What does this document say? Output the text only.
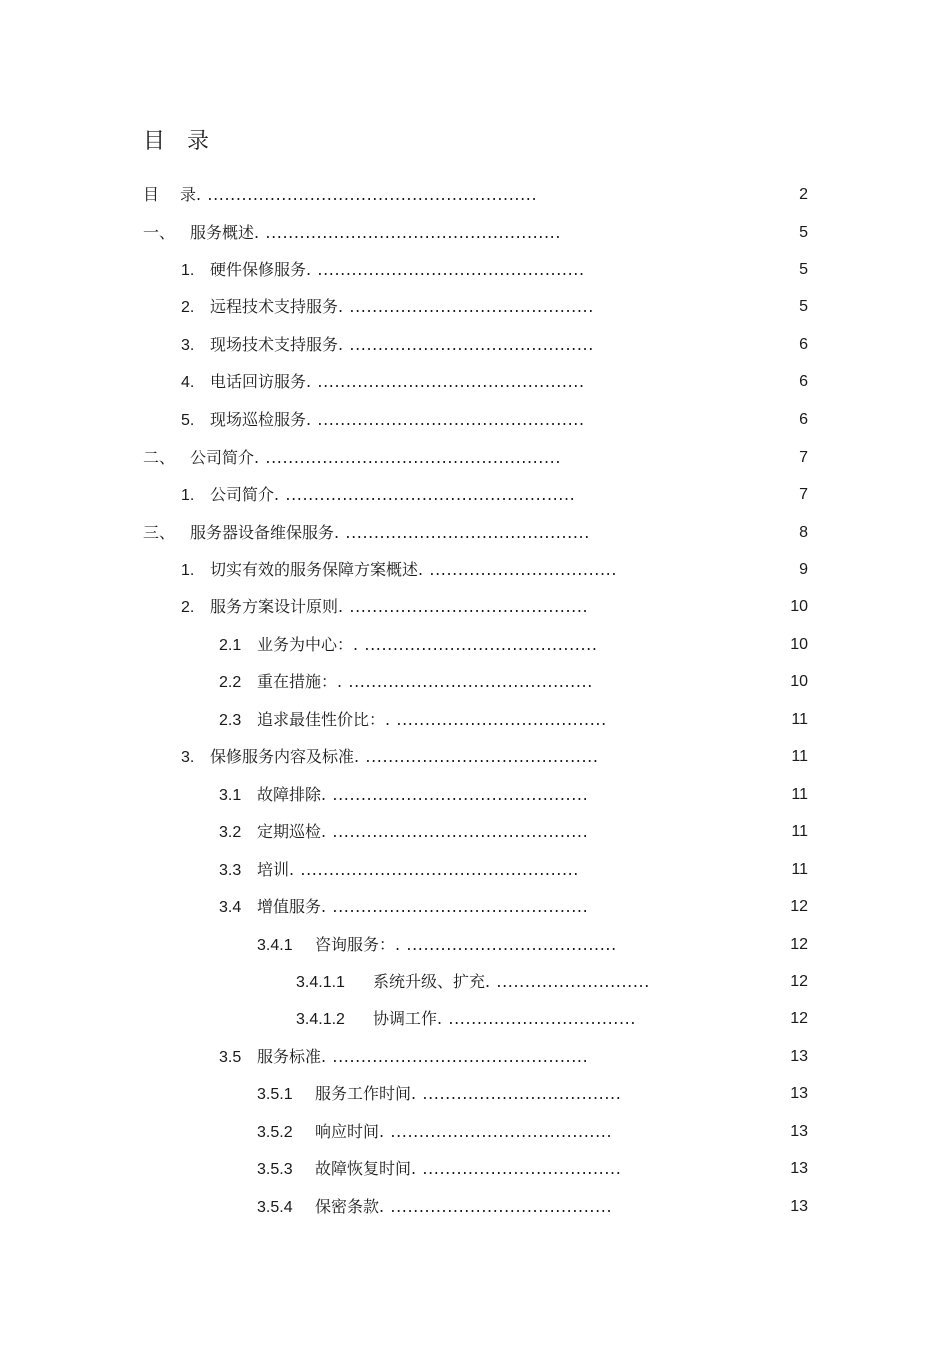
目 录
目 录. ..........................................................	2
一、 服务概述. ....................................................	5
1. 硬件保修服务. ...............................................	5
2. 远程技术支持服务. ...........................................	5
3. 现场技术支持服务. ...........................................	6
4. 电话回访服务. ...............................................	6
5. 现场巡检服务. ...............................................	6
二、 公司简介. ....................................................	7
1. 公司简介. ...................................................	7
三、 服务器设备维保服务. ...........................................	8
1. 切实有效的服务保障方案概述. .................................	9
2. 服务方案设计原则. ..........................................	10
2.1 业务为中心：. .........................................	10
2.2 重在措施：. ...........................................	10
2.3 追求最佳性价比：. .....................................	11
3. 保修服务内容及标准. .........................................	11
3.1 故障排除. .............................................	11
3.2 定期巡检. .............................................	11
3.3 培训. .................................................	11
3.4 增值服务. .............................................	12
3.4.1 咨询服务：. .....................................	12
3.4.1.1 系统升级、扩充. ...........................	12
3.4.1.2 协调工作. .................................	12
3.5 服务标准. .............................................	13
3.5.1 服务工作时间. ...................................	13
3.5.2 响应时间. .......................................	13
3.5.3 故障恢复时间. ...................................	13
3.5.4 保密条款. .......................................	13
